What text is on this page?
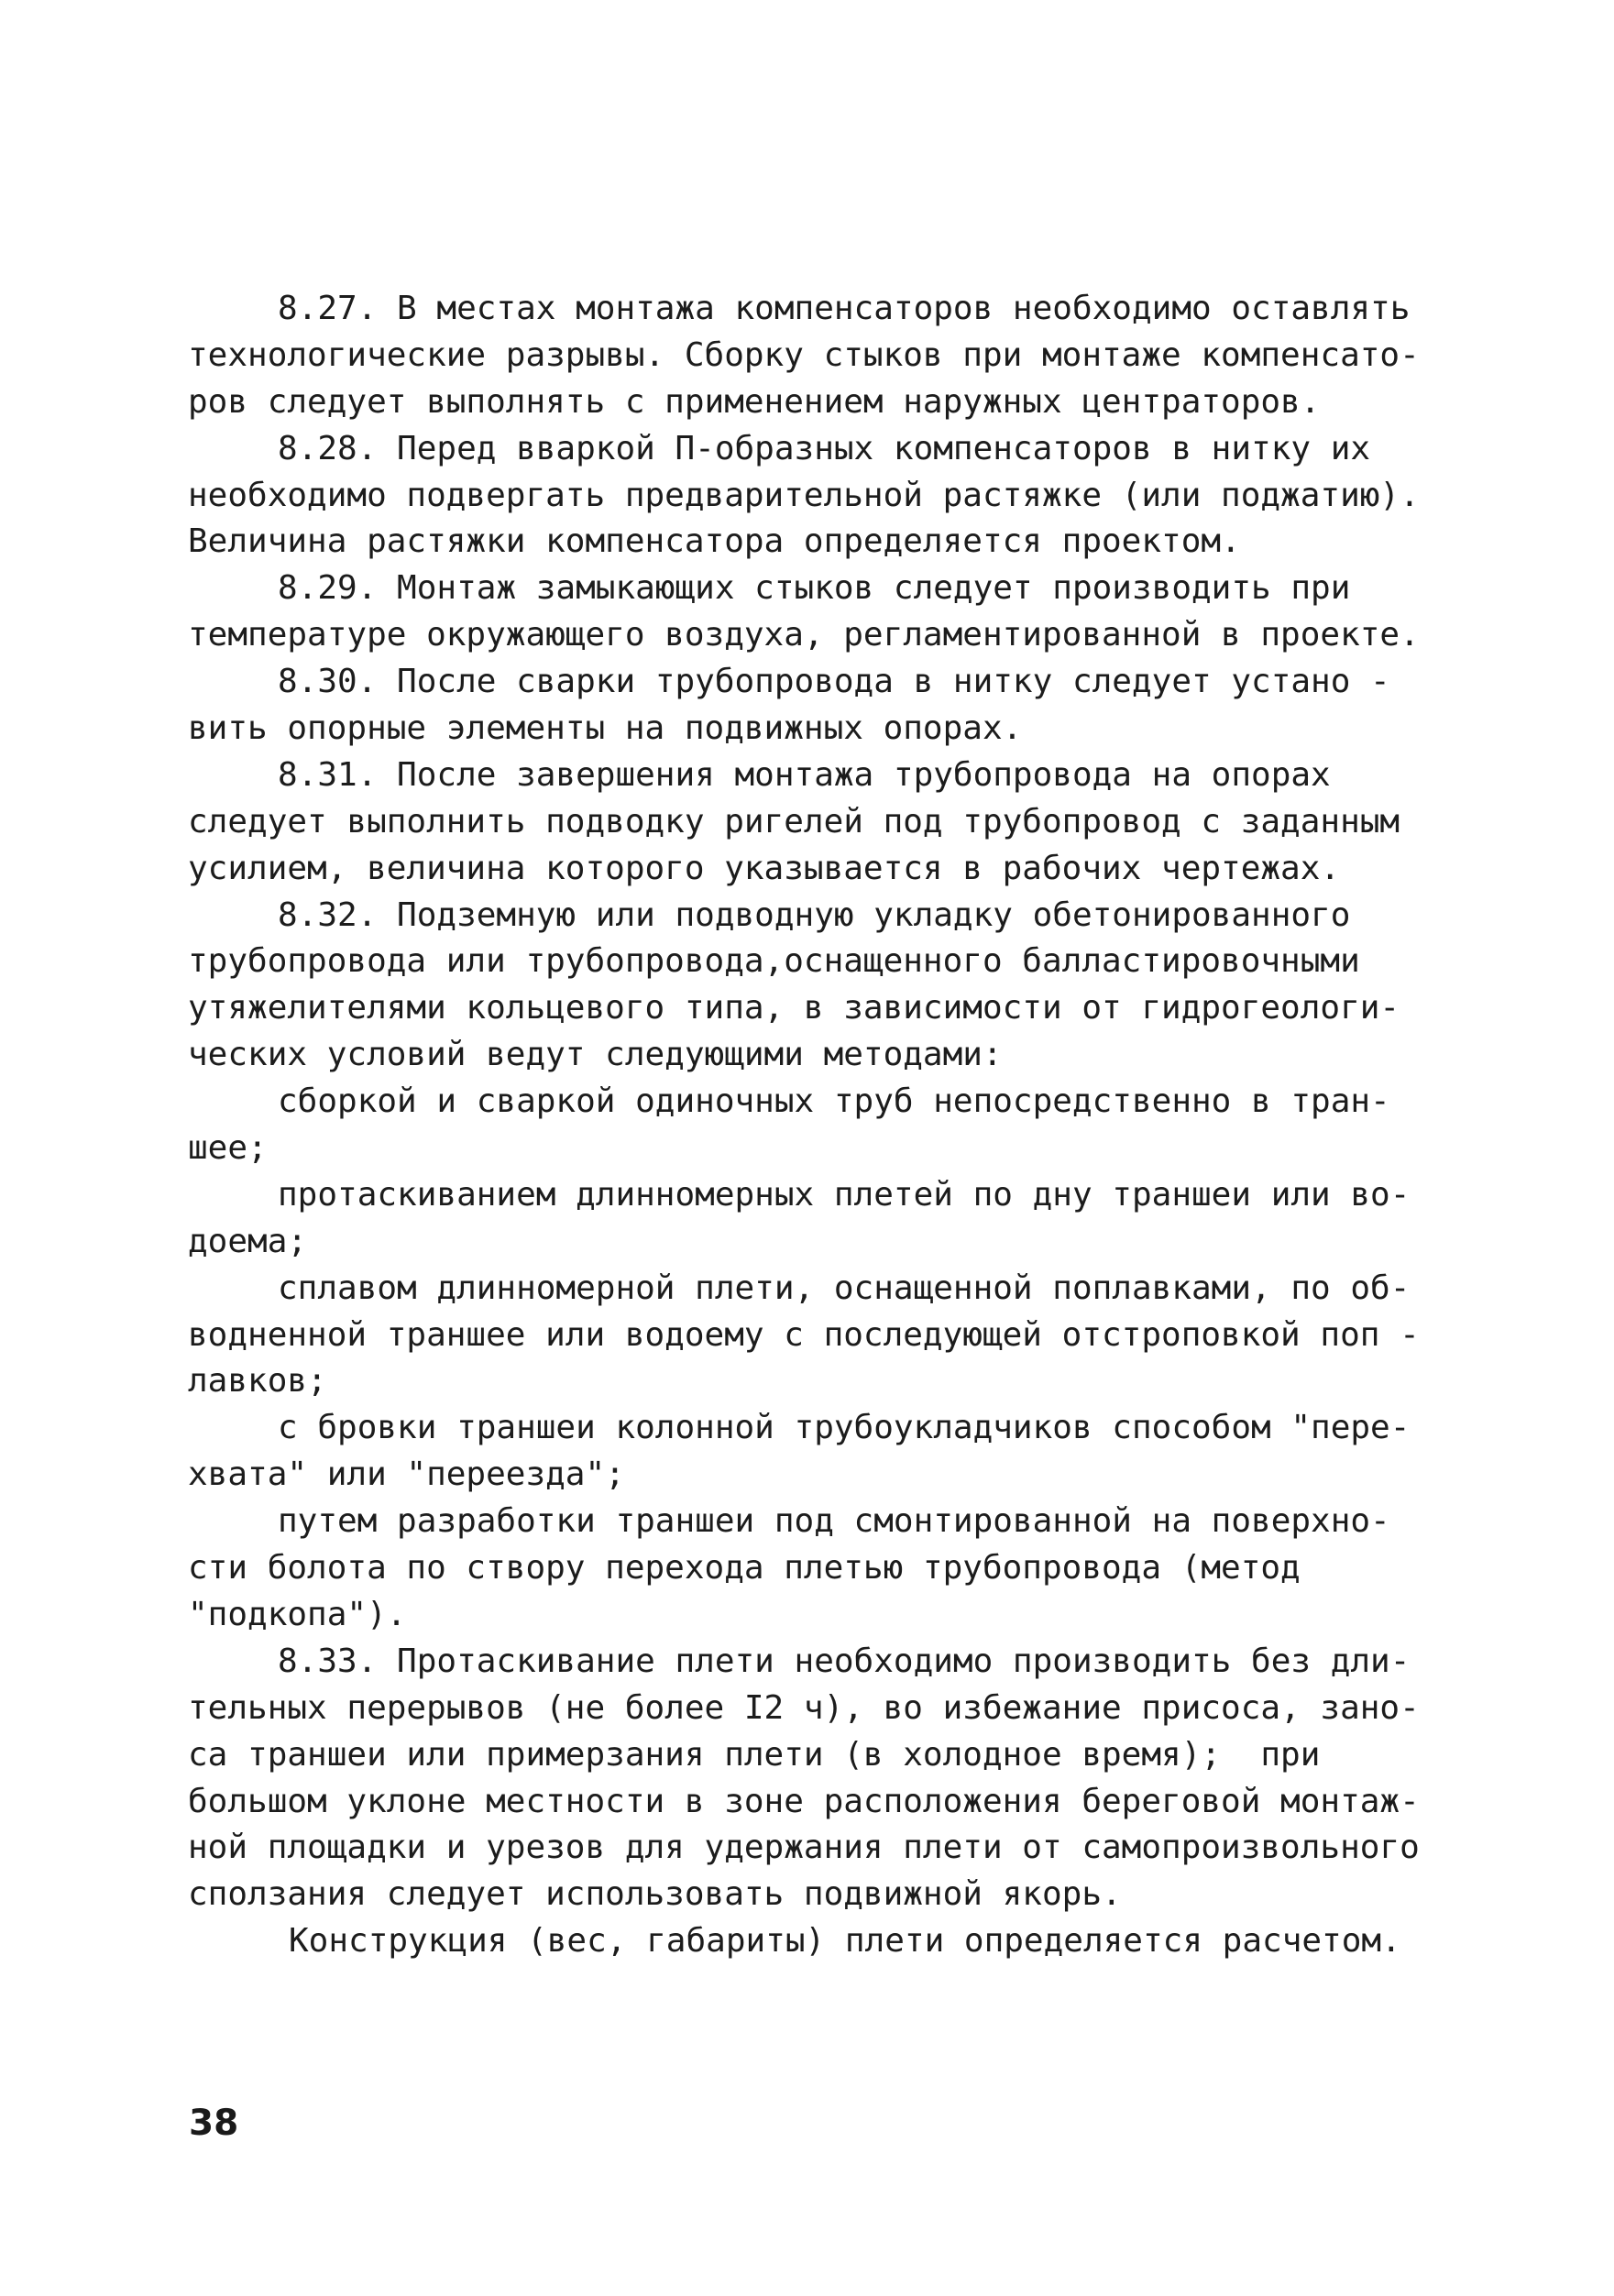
8.27. В местах монтажа компенсаторов необходимо оставлять
технологические разрывы. Сборку стыков при монтаже компенсато-
ров следует выполнять с применением наружных центраторов.
8.28. Перед вваркой П-образных компенсаторов в нитку их
необходимо подвергать предварительной растяжке (или поджатию).
Величина растяжки компенсатора определяется проектом.
8.29. Монтаж замыкающих стыков следует производить при
температуре окружающего воздуха, регламентированной в проекте.
8.30. После сварки трубопровода в нитку следует устано -
вить опорные элементы на подвижных опорах.
8.31. После завершения монтажа трубопровода на опорах
следует выполнить подводку ригелей под трубопровод с заданным
усилием, величина которого указывается в рабочих чертежах.
8.32. Подземную или подводную укладку обетонированного
трубопровода или трубопровода,оснащенного балластировочными
утяжелителями кольцевого типа, в зависимости от гидрогеологи-
ческих условий ведут следующими методами:
сборкой и сваркой одиночных труб непосредственно в тран-
шее;
протаскиванием длинномерных плетей по дну траншеи или во-
доема;
сплавом длинномерной плети, оснащенной поплавками, по об-
водненной траншее или водоему с последующей отстроповкой поп -
лавков;
с бровки траншеи колонной трубоукладчиков способом "пере-
хвата" или "переезда";
путем разработки траншеи под смонтированной на поверхно-
сти болота по створу перехода плетью трубопровода (метод
"подкопа").
8.33. Протаскивание плети необходимо производить без дли-
тельных перерывов (не более I2 ч), во избежание присоса, зано-
са траншеи или примерзания плети (в холодное время);  при
большом уклоне местности в зоне расположения береговой монтаж-
ной площадки и урезов для удержания плети от самопроизвольного
сползания следует использовать подвижной якорь.
Конструкция (вес, габариты) плети определяется расчетом.
38
